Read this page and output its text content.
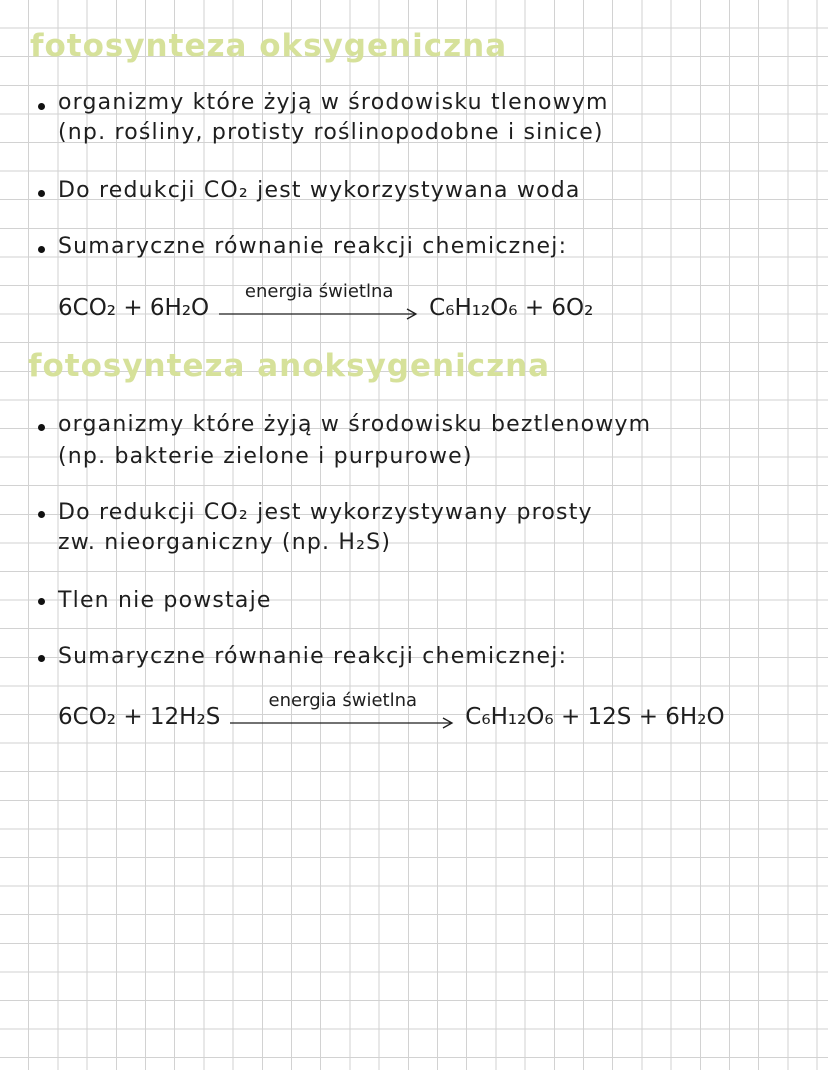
fotosynteza oksygeniczna
organizmy które żyją w środowisku tlenowym
(np. rośliny, protisty roślinopodobne i sinice)
Do redukcji CO₂ jest wykorzystywana woda
Sumaryczne równanie reakcji chemicznej:
6CO₂ + 6H₂O
energia świetlna
C₆H₁₂O₆ + 6O₂
fotosynteza anoksygeniczna
organizmy które żyją w środowisku beztlenowym
(np. bakterie zielone i purpurowe)
Do redukcji CO₂ jest wykorzystywany prosty
zw. nieorganiczny (np. H₂S)
Tlen nie powstaje
Sumaryczne równanie reakcji chemicznej:
6CO₂ + 12H₂S
energia świetlna
C₆H₁₂O₆ + 12S + 6H₂O
